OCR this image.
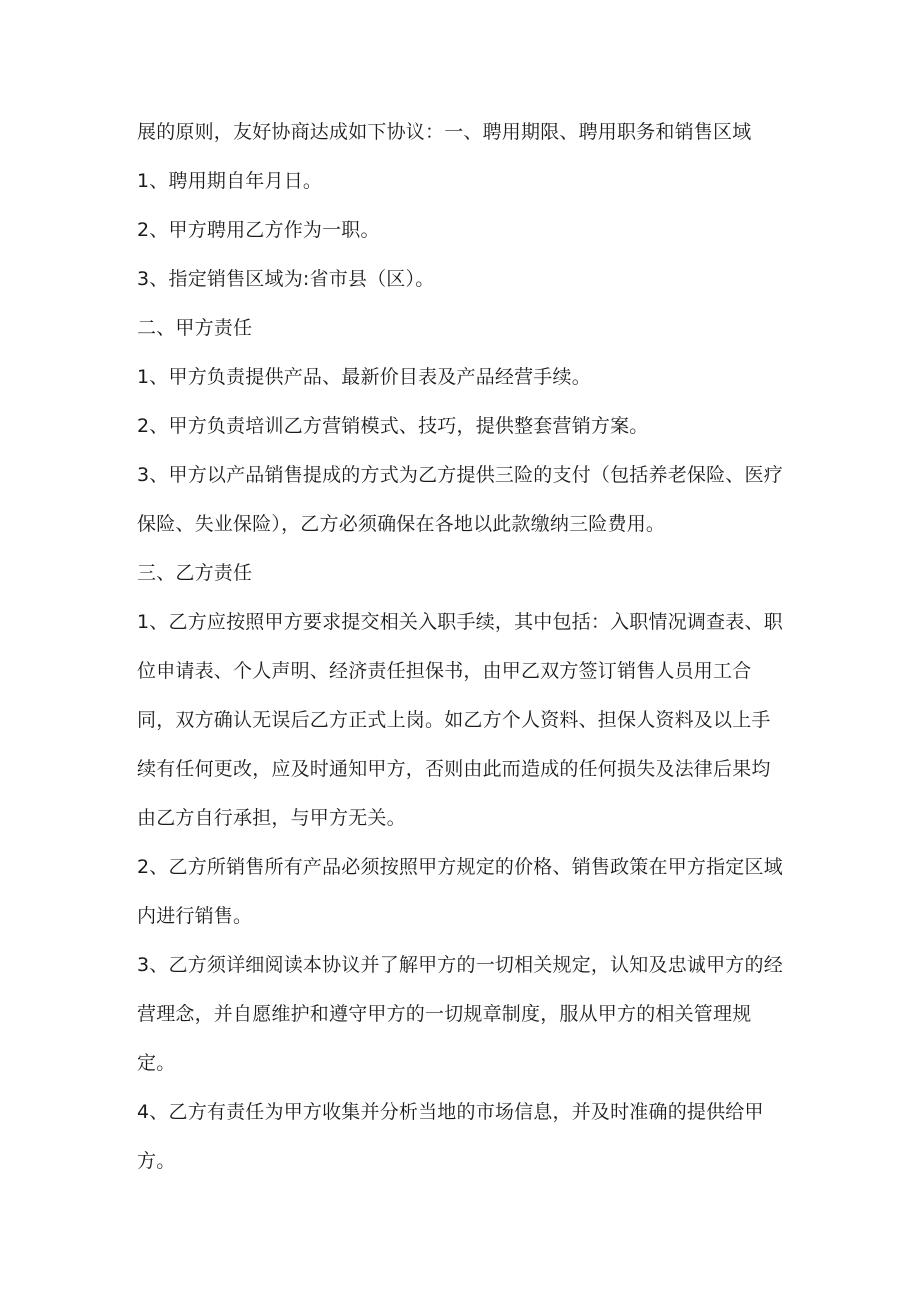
展的原则，友好协商达成如下协议：一、聘用期限、聘用职务和销售区域

1、聘用期自年月日。

2、甲方聘用乙方作为一职。

3、指定销售区域为:省市县（区）。

二、甲方责任

1、甲方负责提供产品、最新价目表及产品经营手续。

2、甲方负责培训乙方营销模式、技巧，提供整套营销方案。

3、甲方以产品销售提成的方式为乙方提供三险的支付（包括养老保险、医疗保险、失业保险），乙方必须确保在各地以此款缴纳三险费用。

三、乙方责任

1、乙方应按照甲方要求提交相关入职手续，其中包括：入职情况调查表、职位申请表、个人声明、经济责任担保书，由甲乙双方签订销售人员用工合同，双方确认无误后乙方正式上岗。如乙方个人资料、担保人资料及以上手续有任何更改，应及时通知甲方，否则由此而造成的任何损失及法律后果均由乙方自行承担，与甲方无关。

2、乙方所销售所有产品必须按照甲方规定的价格、销售政策在甲方指定区域内进行销售。

3、乙方须详细阅读本协议并了解甲方的一切相关规定，认知及忠诚甲方的经营理念，并自愿维护和遵守甲方的一切规章制度，服从甲方的相关管理规定。

4、乙方有责任为甲方收集并分析当地的市场信息，并及时准确的提供给甲方。
